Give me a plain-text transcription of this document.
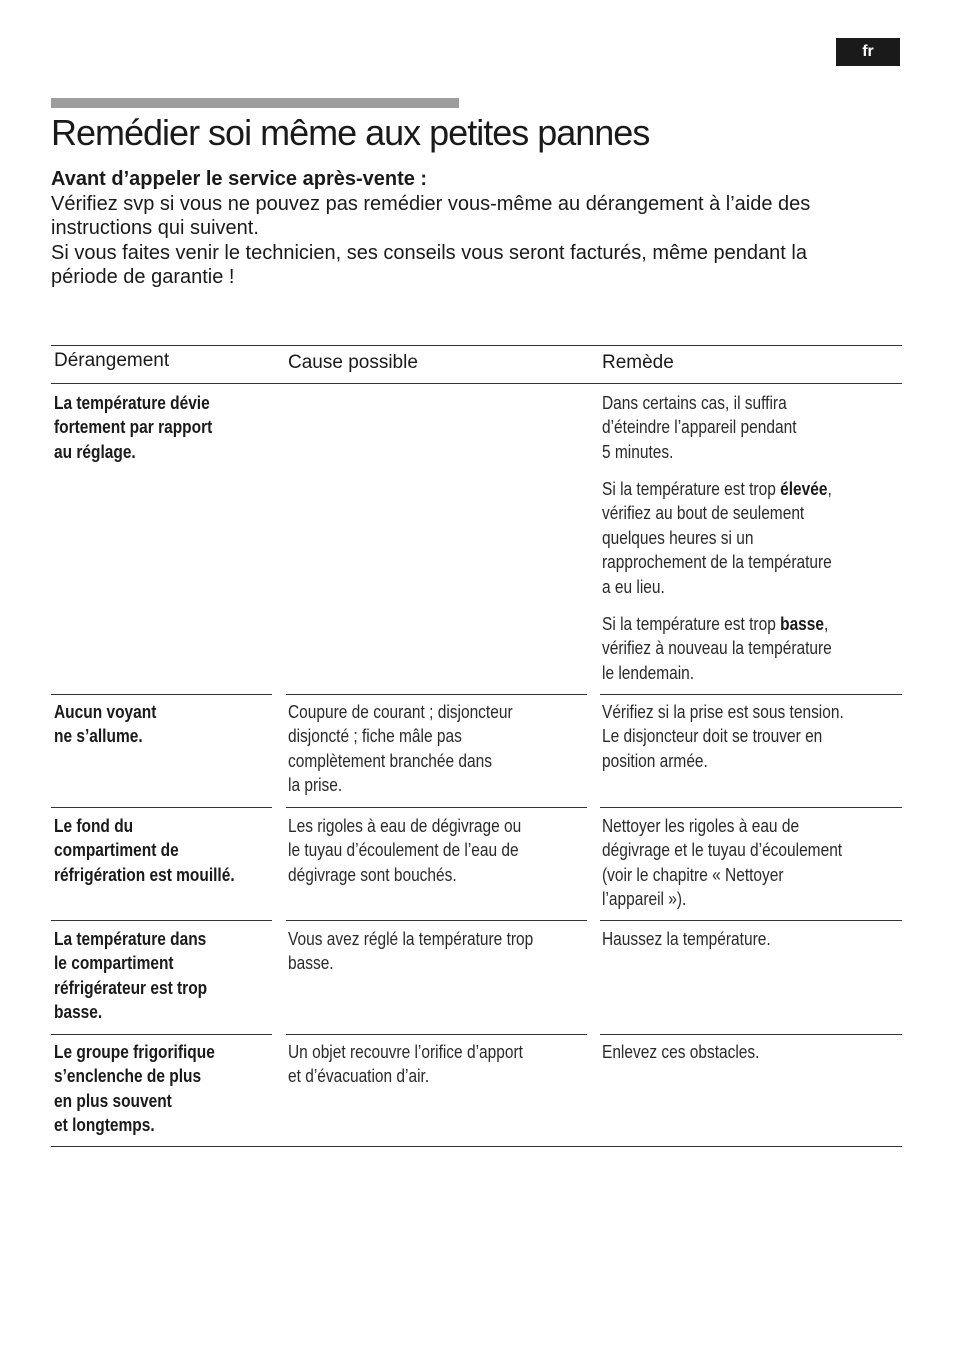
fr
Remédier soi même aux petites pannes
Avant d’appeler le service après-vente :

Vérifiez svp si vous ne pouvez pas remédier vous-même au dérangement à l’aide des
instructions qui suivent.

Si vous faites venir le technicien, ses conseils vous seront facturés, même pendant la
période de garantie !

Dérangement	Cause possible	Remède
La température dévie
fortement par rapport
au réglage.
Dans certains cas, il suffira
d’éteindre l’appareil pendant
5 minutes.
Si la température est trop élevée,
vérifiez au bout de seulement
quelques heures si un
rapprochement de la température
a eu lieu.
Si la température est trop basse,
vérifiez à nouveau la température
le lendemain.
Aucun voyant
ne s’allume.
Coupure de courant ; disjoncteur
disjoncté ; fiche mâle pas
complètement branchée dans
la prise.
Vérifiez si la prise est sous tension.
Le disjoncteur doit se trouver en
position armée.
Le fond du
compartiment de
réfrigération est mouillé.
Les rigoles à eau de dégivrage ou
le tuyau d’écoulement de l’eau de
dégivrage sont bouchés.
Nettoyer les rigoles à eau de
dégivrage et le tuyau d’écoulement
(voir le chapitre « Nettoyer
l’appareil »).
La température dans
le compartiment
réfrigérateur est trop
basse.
Vous avez réglé la température trop
basse.
Haussez la température.
Le groupe frigorifique
s’enclenche de plus
en plus souvent
et longtemps.
Un objet recouvre l’orifice d’apport
et d’évacuation d’air.
Enlevez ces obstacles.
